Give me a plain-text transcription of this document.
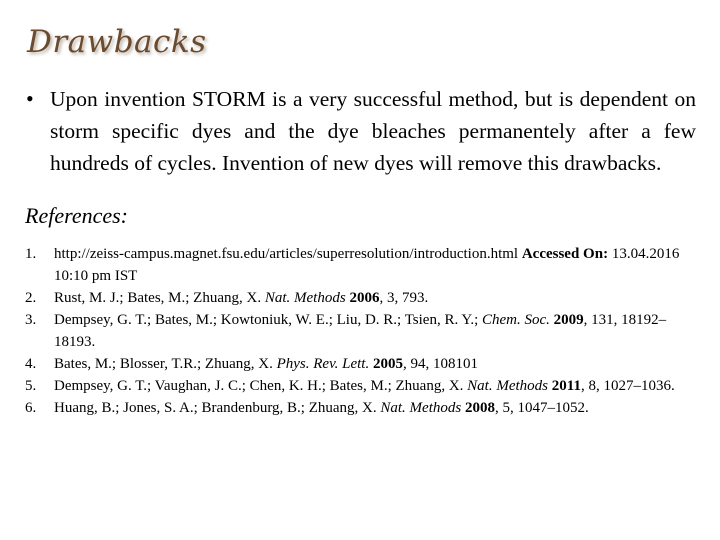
Drawbacks
• Upon invention STORM is a very successful method, but is dependent on storm specific dyes and the dye bleaches permanentely after a few hundreds of cycles. Invention of new dyes will remove this drawbacks.
References:
1. http://zeiss-campus.magnet.fsu.edu/articles/superresolution/introduction.html Accessed On: 13.04.2016 10:10 pm IST
2. Rust, M. J.; Bates, M.; Zhuang, X. Nat. Methods 2006, 3, 793.
3. Dempsey, G. T.; Bates, M.; Kowtoniuk, W. E.; Liu, D. R.; Tsien, R. Y.; Chem. Soc. 2009, 131, 18192–18193.
4. Bates, M.; Blosser, T.R.; Zhuang, X. Phys. Rev. Lett. 2005, 94, 108101
5. Dempsey, G. T.; Vaughan, J. C.; Chen, K. H.; Bates, M.; Zhuang, X. Nat. Methods 2011, 8, 1027–1036.
6. Huang, B.; Jones, S. A.; Brandenburg, B.; Zhuang, X. Nat. Methods 2008, 5, 1047–1052.
